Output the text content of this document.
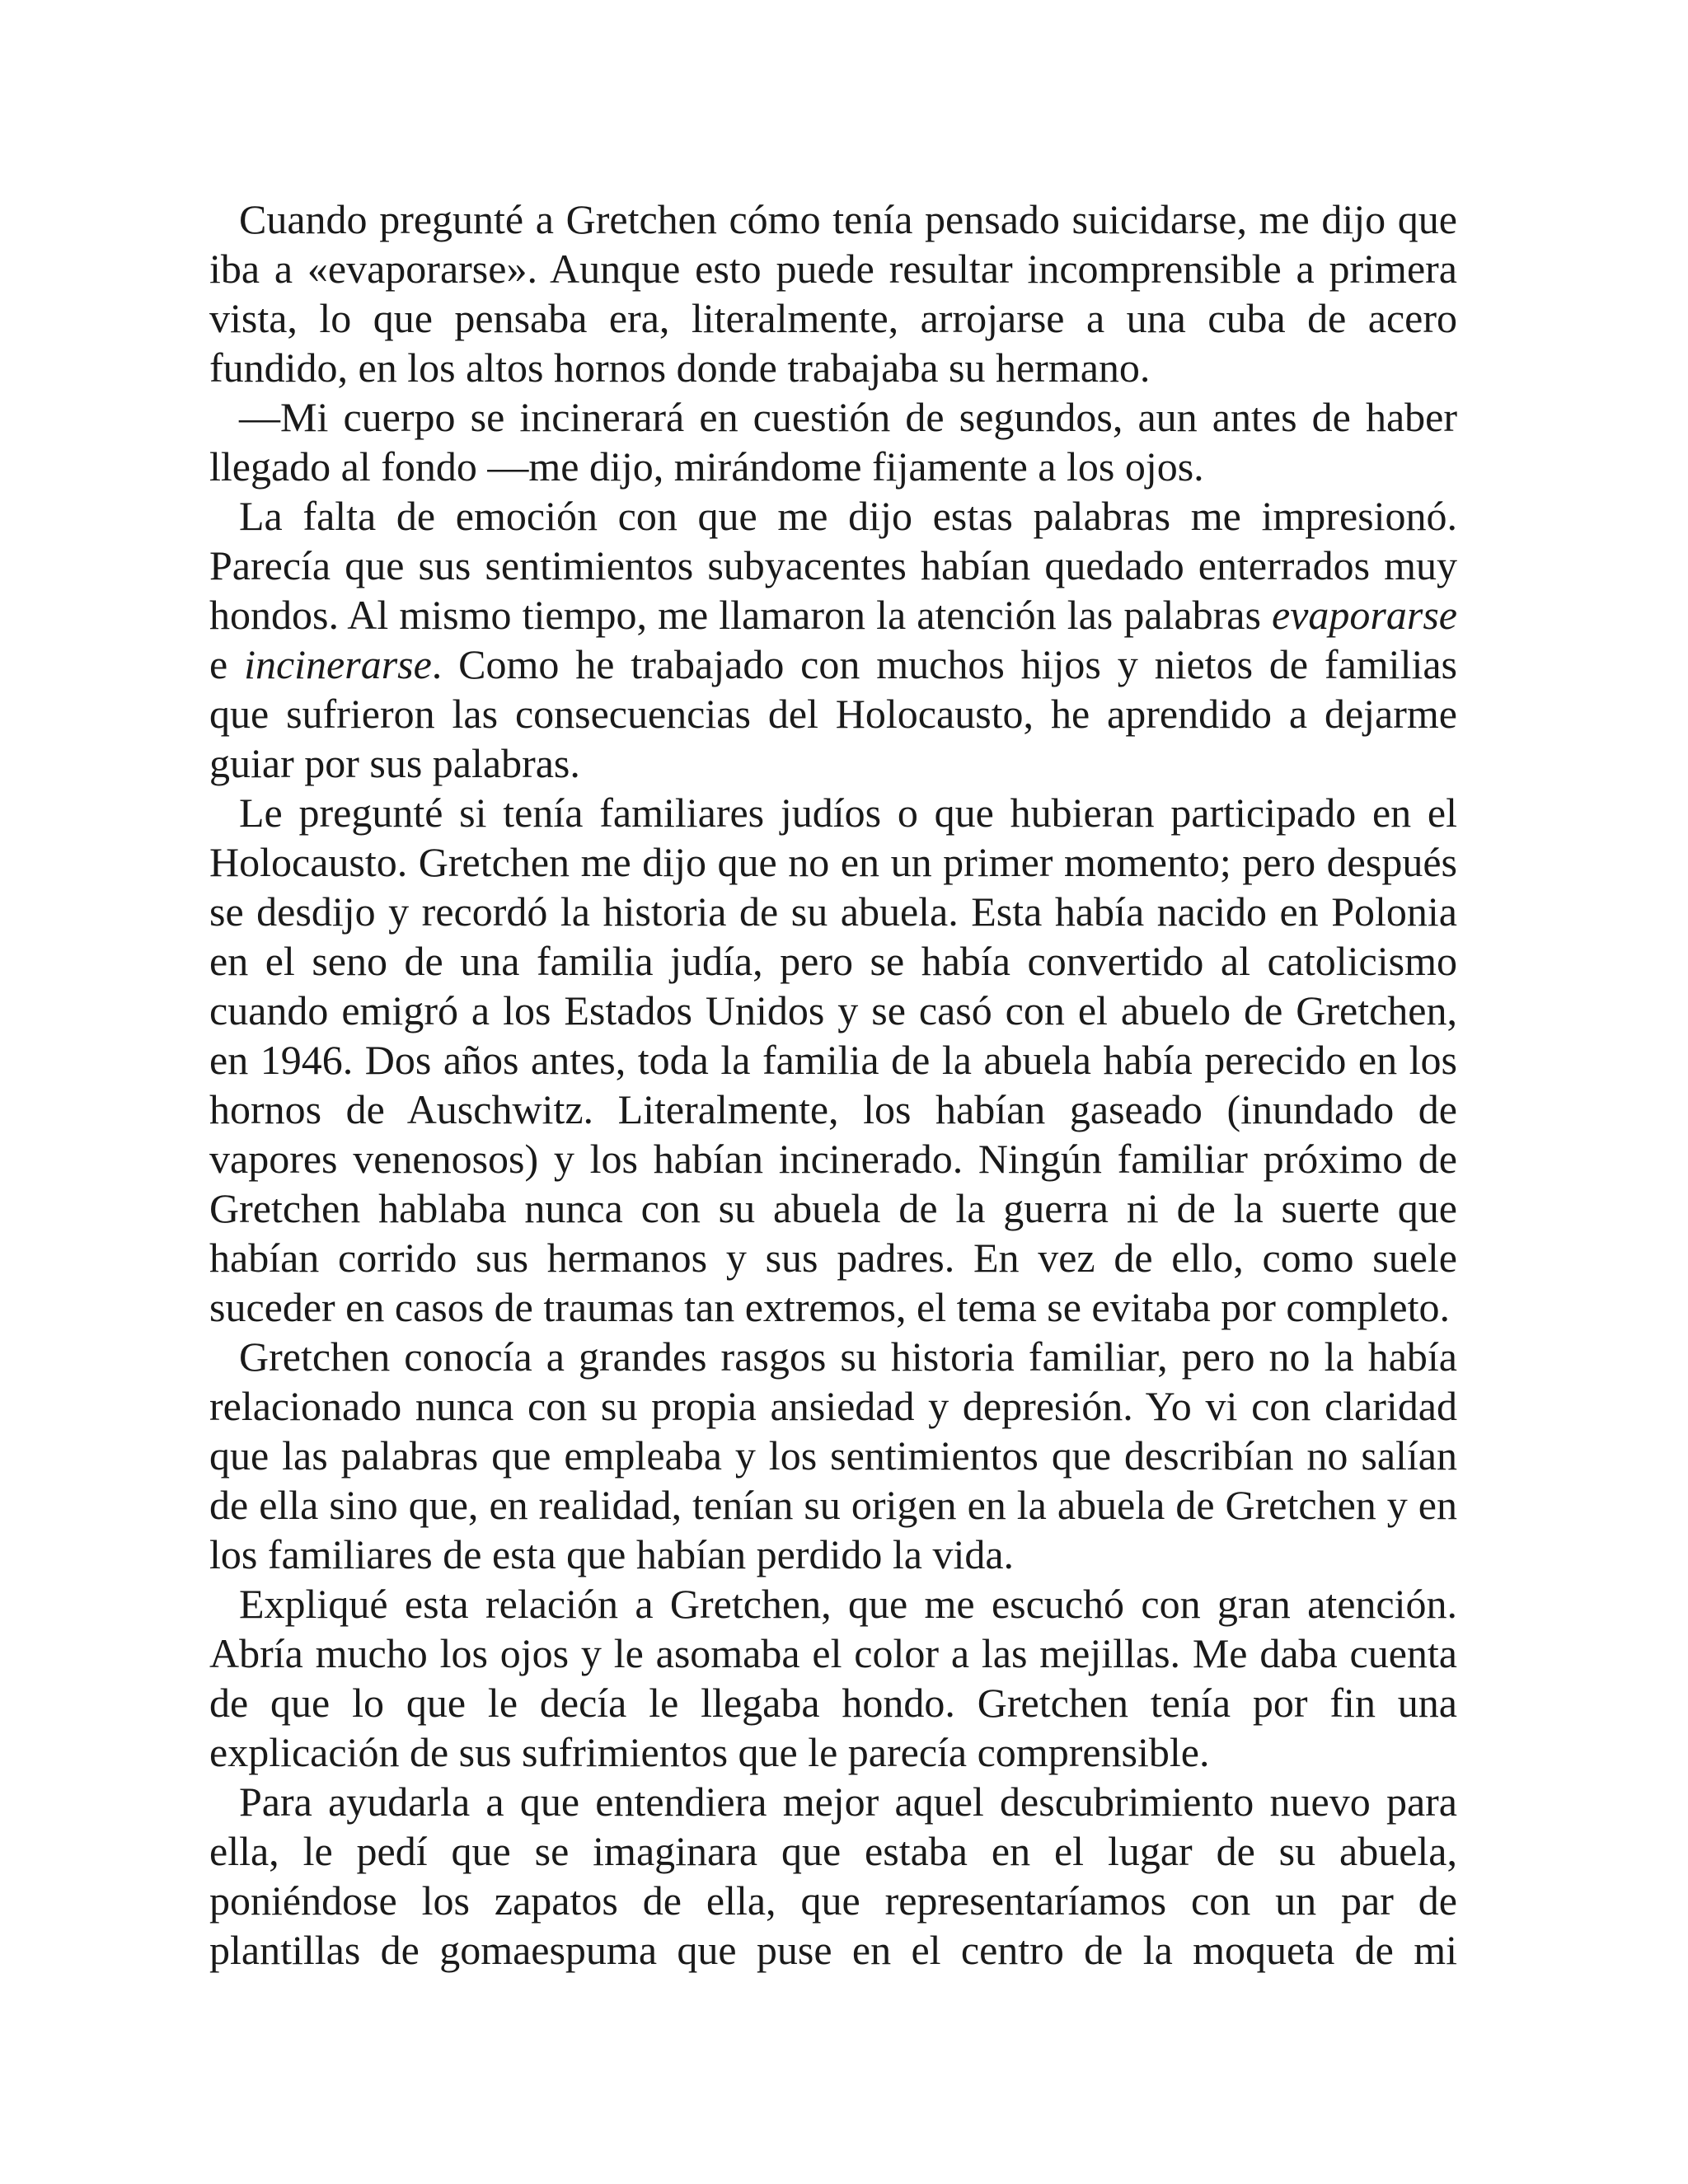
Cuando pregunté a Gretchen cómo tenía pensado suicidarse, me dijo que iba a «evaporarse». Aunque esto puede resultar incomprensible a primera vista, lo que pensaba era, literalmente, arrojarse a una cuba de acero fundido, en los altos hornos donde trabajaba su hermano.

—Mi cuerpo se incinerará en cuestión de segundos, aun antes de haber llegado al fondo —me dijo, mirándome fijamente a los ojos.

La falta de emoción con que me dijo estas palabras me impresionó. Parecía que sus sentimientos subyacentes habían quedado enterrados muy hondos. Al mismo tiempo, me llamaron la atención las palabras evaporarse e incinerarse. Como he trabajado con muchos hijos y nietos de familias que sufrieron las consecuencias del Holocausto, he aprendido a dejarme guiar por sus palabras.

Le pregunté si tenía familiares judíos o que hubieran participado en el Holocausto. Gretchen me dijo que no en un primer momento; pero después se desdijo y recordó la historia de su abuela. Esta había nacido en Polonia en el seno de una familia judía, pero se había convertido al catolicismo cuando emigró a los Estados Unidos y se casó con el abuelo de Gretchen, en 1946. Dos años antes, toda la familia de la abuela había perecido en los hornos de Auschwitz. Literalmente, los habían gaseado (inundado de vapores venenosos) y los habían incinerado. Ningún familiar próximo de Gretchen hablaba nunca con su abuela de la guerra ni de la suerte que habían corrido sus hermanos y sus padres. En vez de ello, como suele suceder en casos de traumas tan extremos, el tema se evitaba por completo.

Gretchen conocía a grandes rasgos su historia familiar, pero no la había relacionado nunca con su propia ansiedad y depresión. Yo vi con claridad que las palabras que empleaba y los sentimientos que describían no salían de ella sino que, en realidad, tenían su origen en la abuela de Gretchen y en los familiares de esta que habían perdido la vida.

Expliqué esta relación a Gretchen, que me escuchó con gran atención. Abría mucho los ojos y le asomaba el color a las mejillas. Me daba cuenta de que lo que le decía le llegaba hondo. Gretchen tenía por fin una explicación de sus sufrimientos que le parecía comprensible.

Para ayudarla a que entendiera mejor aquel descubrimiento nuevo para ella, le pedí que se imaginara que estaba en el lugar de su abuela, poniéndose los zapatos de ella, que representaríamos con un par de plantillas de gomaespuma que puse en el centro de la moqueta de mi
